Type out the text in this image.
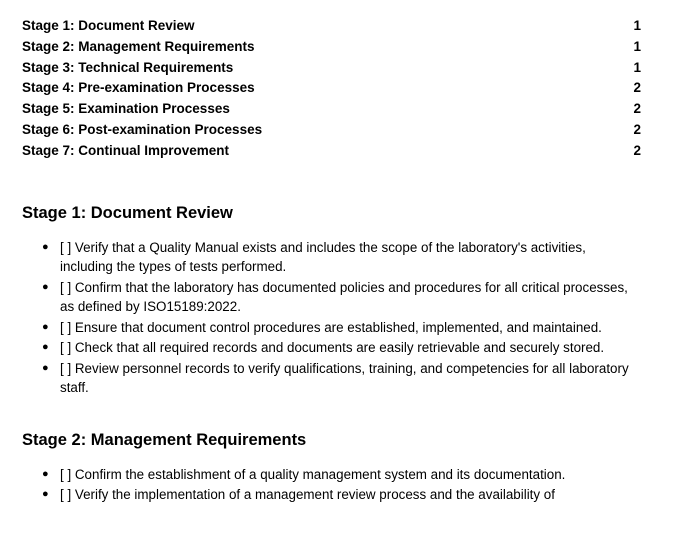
Stage 1: Document Review	1
Stage 2: Management Requirements	1
Stage 3: Technical Requirements	1
Stage 4: Pre-examination Processes	2
Stage 5: Examination Processes	2
Stage 6: Post-examination Processes	2
Stage 7: Continual Improvement	2
Stage 1: Document Review
● [ ] Verify that a Quality Manual exists and includes the scope of the laboratory's activities, including the types of tests performed.
● [ ] Confirm that the laboratory has documented policies and procedures for all critical processes, as defined by ISO15189:2022.
● [ ] Ensure that document control procedures are established, implemented, and maintained.
● [ ] Check that all required records and documents are easily retrievable and securely stored.
● [ ] Review personnel records to verify qualifications, training, and competencies for all laboratory staff.
Stage 2: Management Requirements
● [ ] Confirm the establishment of a quality management system and its documentation.
● [ ] Verify the implementation of a management review process and the availability of
